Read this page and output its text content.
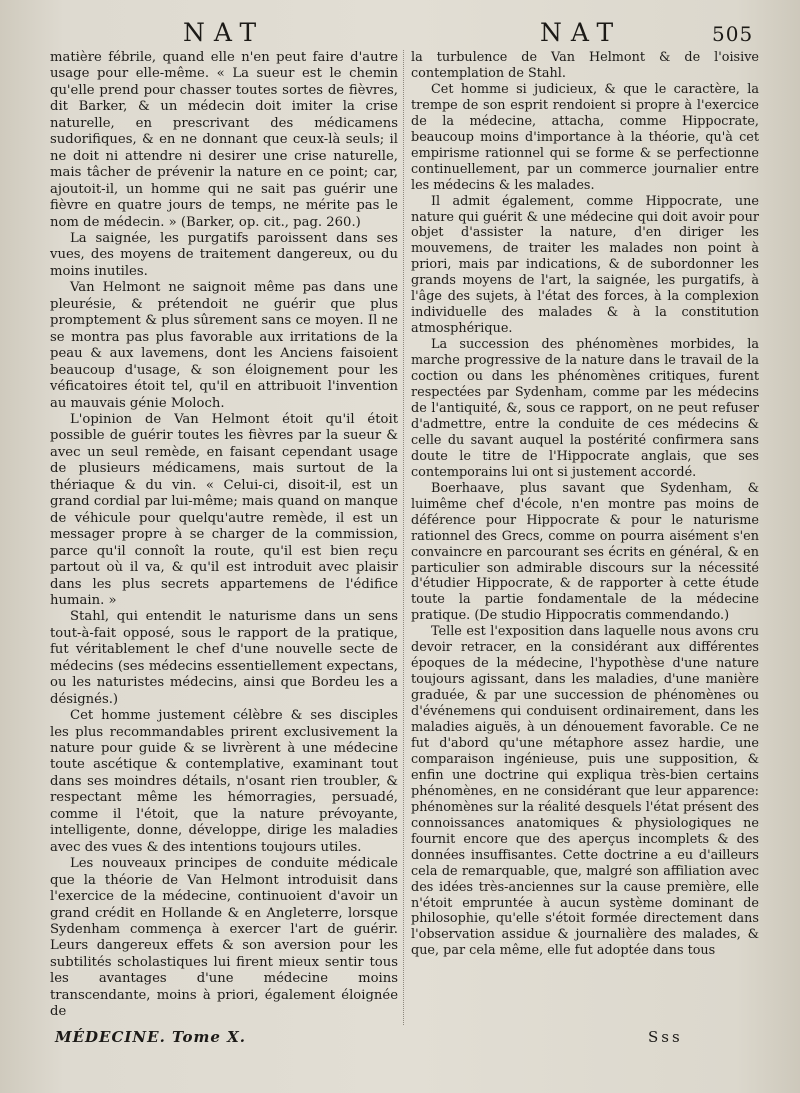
NAT	NAT	505

matière fébrile, quand elle n'en peut faire d'autre usage pour elle-même. « La sueur est le chemin qu'elle prend pour chasser toutes sortes de fièvres, dit Barker, & un médecin doit imiter la crise naturelle, en prescrivant des médicamens sudorifiques, & en ne donnant que ceux-là seuls; il ne doit ni attendre ni desirer une crise naturelle, mais tâcher de prévenir la nature en ce point; car, ajoutoit-il, un homme qui ne sait pas guérir une fièvre en quatre jours de temps, ne mérite pas le nom de médecin. » (Barker, op. cit., pag. 260.)

La saignée, les purgatifs paroissent dans ses vues, des moyens de traitement dangereux, ou du moins inutiles.

Van Helmont ne saignoit même pas dans une pleurésie, & prétendoit ne guérir que plus promptement & plus sûrement sans ce moyen. Il ne se montra pas plus favorable aux irritations de la peau & aux lavemens, dont les Anciens faisoient beaucoup d'usage, & son éloignement pour les véficatoires étoit tel, qu'il en attribuoit l'invention au mauvais génie Moloch.

L'opinion de Van Helmont étoit qu'il étoit possible de guérir toutes les fièvres par la sueur & avec un seul remède, en faisant cependant usage de plusieurs médicamens, mais surtout de la thériaque & du vin. « Celui-ci, disoit-il, est un grand cordial par lui-même; mais quand on manque de véhicule pour quelqu'autre remède, il est un messager propre à se charger de la commission, parce qu'il connoît la route, qu'il est bien reçu partout où il va, & qu'il est introduit avec plaisir dans les plus secrets appartemens de l'édifice humain. »

Stahl, qui entendit le naturisme dans un sens tout-à-fait opposé, sous le rapport de la pratique, fut véritablement le chef d'une nouvelle secte de médecins (ses médecins essentiellement expectans, ou les naturistes médecins, ainsi que Bordeu les a désignés.)

Cet homme justement célèbre & ses disciples les plus recommandables prirent exclusivement la nature pour guide & se livrèrent à une médecine toute ascétique & contemplative, examinant tout dans ses moindres détails, n'osant rien troubler, & respectant même les hémorragies, persuadé, comme il l'étoit, que la nature prévoyante, intelligente, donne, développe, dirige les maladies avec des vues & des intentions toujours utiles.

Les nouveaux principes de conduite médicale que la théorie de Van Helmont introduisit dans l'exercice de la médecine, continuoient d'avoir un grand crédit en Hollande & en Angleterre, lorsque Sydenham commença à exercer l'art de guérir. Leurs dangereux effets & son aversion pour les subtilités scholastiques lui firent mieux sentir tous les avantages d'une médecine moins transcendante, moins à priori, également éloignée de

la turbulence de Van Helmont & de l'oisive contemplation de Stahl.

Cet homme si judicieux, & que le caractère, la trempe de son esprit rendoient si propre à l'exercice de la médecine, attacha, comme Hippocrate, beaucoup moins d'importance à la théorie, qu'à cet empirisme rationnel qui se forme & se perfectionne continuellement, par un commerce journalier entre les médecins & les malades.

Il admit également, comme Hippocrate, une nature qui guérit & une médecine qui doit avoir pour objet d'assister la nature, d'en diriger les mouvemens, de traiter les malades non point à priori, mais par indications, & de subordonner les grands moyens de l'art, la saignée, les purgatifs, à l'âge des sujets, à l'état des forces, à la complexion individuelle des malades & à la constitution atmosphérique.

La succession des phénomènes morbides, la marche progressive de la nature dans le travail de la coction ou dans les phénomènes critiques, furent respectées par Sydenham, comme par les médecins de l'antiquité, &, sous ce rapport, on ne peut refuser d'admettre, entre la conduite de ces médecins & celle du savant auquel la postérité confirmera sans doute le titre de l'Hippocrate anglais, que ses contemporains lui ont si justement accordé.

Boerhaave, plus savant que Sydenham, & luimême chef d'école, n'en montre pas moins de déférence pour Hippocrate & pour le naturisme rationnel des Grecs, comme on pourra aisément s'en convaincre en parcourant ses écrits en général, & en particulier son admirable discours sur la nécessité d'étudier Hippocrate, & de rapporter à cette étude toute la partie fondamentale de la médecine pratique. (De studio Hippocratis commendando.)

Telle est l'exposition dans laquelle nous avons cru devoir retracer, en la considérant aux différentes époques de la médecine, l'hypothèse d'une nature toujours agissant, dans les maladies, d'une manière graduée, & par une succession de phénomènes ou d'événemens qui conduisent ordinairement, dans les maladies aiguës, à un dénouement favorable. Ce ne fut d'abord qu'une métaphore assez hardie, une comparaison ingénieuse, puis une supposition, & enfin une doctrine qui expliqua très-bien certains phénomènes, en ne considérant que leur apparence: phénomènes sur la réalité desquels l'état présent des connoissances anatomiques & physiologiques ne fournit encore que des aperçus incomplets & des données insuffisantes. Cette doctrine a eu d'ailleurs cela de remarquable, que, malgré son affiliation avec des idées très-anciennes sur la cause première, elle n'étoit empruntée à aucun système dominant de philosophie, qu'elle s'étoit formée directement dans l'observation assidue & journalière des malades, & que, par cela même, elle fut adoptée dans tous

MÉDECINE. Tome X.	Sss
